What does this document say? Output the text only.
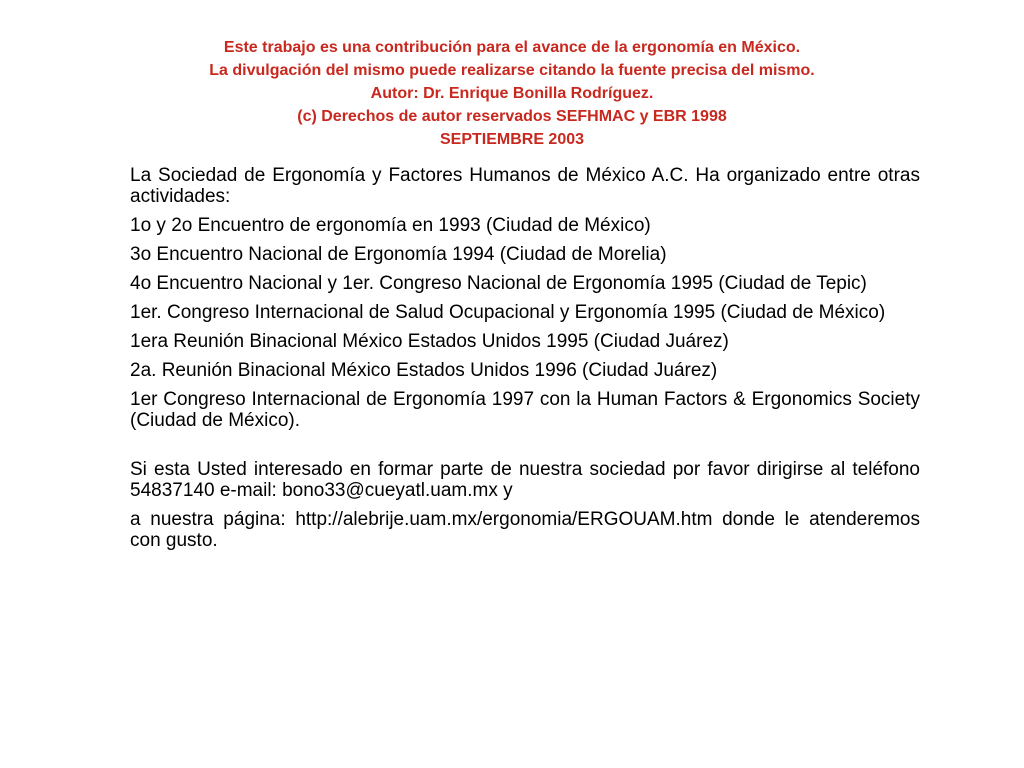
Este trabajo es una contribución para el avance de la ergonomía en México.
La divulgación del mismo puede realizarse citando la fuente precisa del mismo.
Autor: Dr. Enrique Bonilla Rodríguez.
(c) Derechos de autor reservados SEFHMAC y EBR 1998
SEPTIEMBRE 2003

La Sociedad de Ergonomía y Factores Humanos de México A.C. Ha organizado entre otras actividades:

1o y 2o Encuentro de ergonomía en 1993 (Ciudad de México)

3o Encuentro Nacional de Ergonomía 1994 (Ciudad de Morelia)

4o Encuentro Nacional y 1er. Congreso Nacional de Ergonomía 1995 (Ciudad de Tepic)

1er. Congreso Internacional de Salud Ocupacional y Ergonomía 1995 (Ciudad de México)

1era Reunión Binacional México Estados Unidos 1995 (Ciudad Juárez)

2a. Reunión Binacional México Estados Unidos 1996 (Ciudad Juárez)

1er Congreso Internacional de Ergonomía 1997 con la Human Factors & Ergonomics Society (Ciudad de México).

Si esta Usted interesado en formar parte de nuestra sociedad por favor dirigirse al teléfono 54837140 e-mail: bono33@cueyatl.uam.mx y

a nuestra página: http://alebrije.uam.mx/ergonomia/ERGOUAM.htm donde le atenderemos con gusto.
